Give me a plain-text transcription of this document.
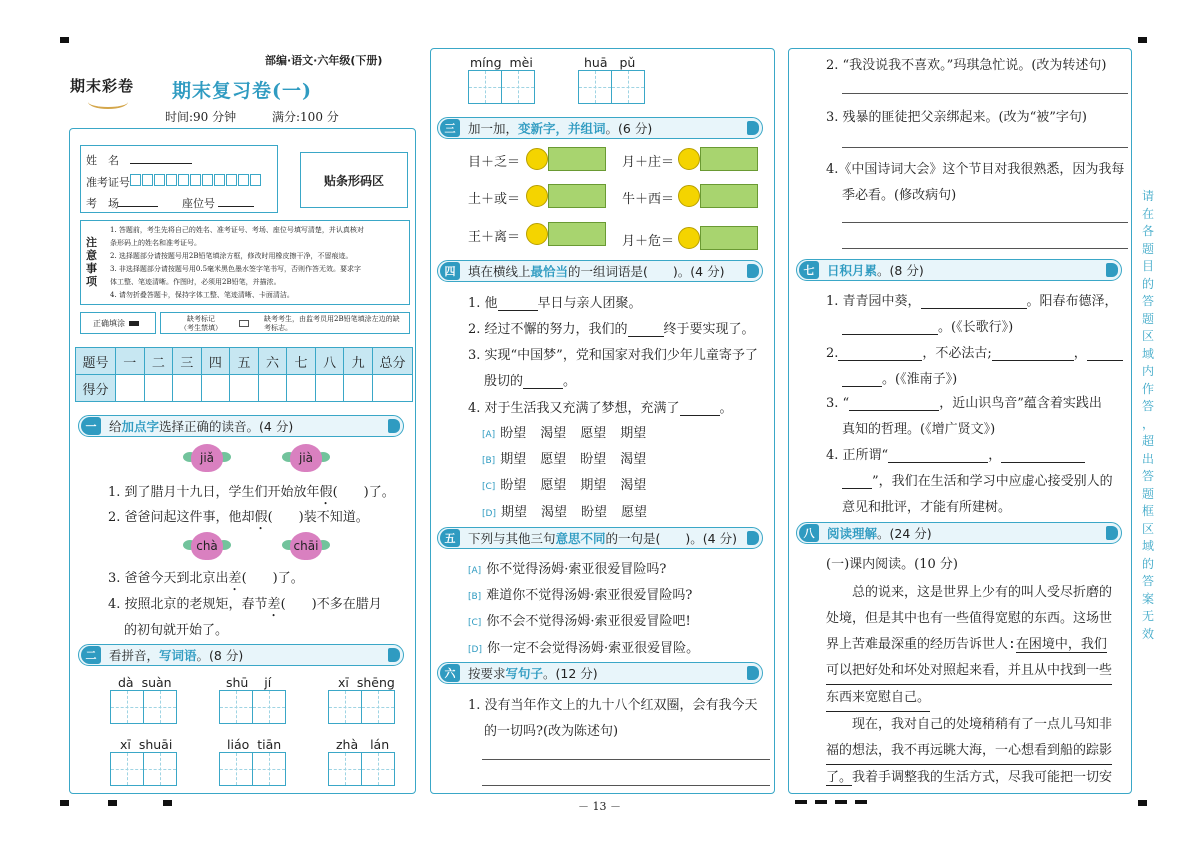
部编·语文·六年级(下册)
期末彩卷	期末复习卷(一)
时间:90 分钟	满分:100 分
姓　名
准考证号
考　场	座位号
贴条形码区
注
意
事
项
1. 答题前，考生先将自己的姓名、准考证号、考场、座位号填写清楚，并认真核对
条形码上的姓名和准考证号。
2. 选择题部分请按题号用2B铅笔填涂方框，修改时用橡皮擦干净，不留痕迹。
3. 非选择题部分请按题号用0.5毫米黑色墨水签字笔书写，否则作答无效。要求字
体工整、笔迹清晰。作图时，必须用2B铅笔，并描浓。
4. 请勿折叠答题卡，保持字体工整、笔迹清晰、卡面清洁。
正确填涂	缺考标记
（考生禁填）
缺考考生，由监考员用2B铅笔填涂左边的缺考标志。
题号	一	二	三	四	五	六	七	八	九	总分
得分										
一	给加点字选择正确的读音。(4 分)
jiǎ	jià
1. 到了腊月十九日，学生们开始放年假(　　)了。
2. 爸爸问起这件事，他却假(　　)装不知道。
chà	chāi
3. 爸爸今天到北京出差(　　)了。
4. 按照北京的老规矩，春节差(　　)不多在腊月
的初旬就开始了。
二	看拼音，写词语。(8 分)
dà suàn	shū jí	xī shēng
xī shuāi	liáo tiān	zhà lán
míng mèi	huā pǔ
三	加一加，变新字，并组词。(6 分)
目＋乏＝	月＋庄＝
土＋或＝	牛＋西＝
王＋离＝	月＋危＝
四	填在横线上最恰当的一组词语是(　　)。(4 分)
1. 他	早日与亲人团聚。
2. 经过不懈的努力，我们的	终于要实现了。
3. 实现“中国梦”，党和国家对我们少年儿童寄予了
殷切的	。
4. 对于生活我又充满了梦想，充满了	。
[A] 盼望 渴望 愿望 期望
[B] 期望 愿望 盼望 渴望
[C] 盼望 愿望 期望 渴望
[D] 期望 渴望 盼望 愿望
五	下列与其他三句意思不同的一句是(　　)。(4 分)
[A] 你不觉得汤姆·索亚很爱冒险吗?
[B] 难道你不觉得汤姆·索亚很爱冒险吗?
[C] 你不会不觉得汤姆·索亚很爱冒险吧!
[D] 你一定不会觉得汤姆·索亚很爱冒险。
六	按要求写句子。(12 分)
1. 没有当年作文上的九十八个红双圈，会有我今天
的一切吗?(改为陈述句)
－ 13 －
2. “我没说我不喜欢。”玛琪急忙说。(改为转述句)
3. 残暴的匪徒把父亲绑起来。(改为“被”字句)
4.《中国诗词大会》这个节目对我很熟悉，因为我每
季必看。(修改病句)
七	日积月累。(8 分)
1. 青青园中葵，	。阳春布德泽，
。(《长歌行》)
2.	，不必法古;	，
。(《淮南子》)
3. “	，近山识鸟音”蕴含着实践出
真知的哲理。(《增广贤文》)
4. 正所谓“	，
”，我们在生活和学习中应虚心接受别人的
意见和批评，才能有所建树。
八	阅读理解。(24 分)
(一)课内阅读。(10 分)
总的说来，这是世界上少有的叫人受尽折磨的
处境，但是其中也有一些值得宽慰的东西。这场世
界上苦难最深重的经历告诉世人:在困境中，我们
可以把好处和坏处对照起来看，并且从中找到一些 东西来宽慰自己。
现在，我对自己的处境稍稍有了一点儿马知非
福的想法，我不再远眺大海，一心想看到船的踪影
了。我着手调整我的生活方式，尽我可能把一切安
请
在
各
题
目
的
答
题
区
域
内
作
答
，
超
出
答
题
框
区
域
的
答
案
无
效
